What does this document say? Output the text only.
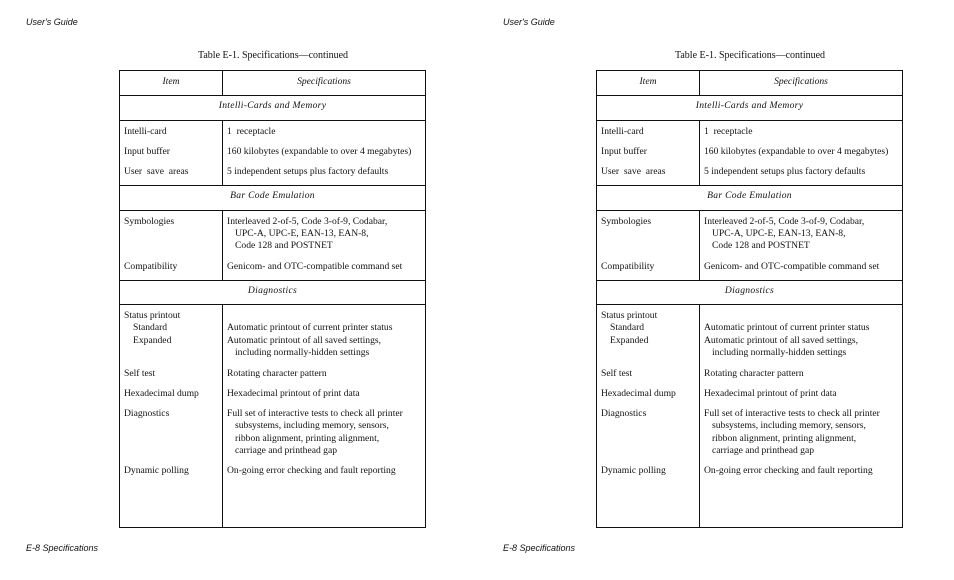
User's Guide
Table E-1. Specifications—continued
Item	Specifications
Intelli-Cards and Memory
Intelli-card	1  receptacle
Input buffer	160 kilobytes (expandable to over 4 megabytes)
User  save  areas	5 independent setups plus factory defaults
Bar Code Emulation
Symbologies	Interleaved 2-of-5, Code 3-of-9, Codabar,
UPC-A, UPC-E, EAN-13, EAN-8,
Code 128 and POSTNET
Compatibility	Genicom- and OTC-compatible command set
Diagnostics
Status printout
Standard	Automatic printout of current printer status
Expanded	Automatic printout of all saved settings,
including normally-hidden settings
Self test	Rotating character pattern
Hexadecimal dump	Hexadecimal printout of print data
Diagnostics	Full set of interactive tests to check all printer
subsystems, including memory, sensors,
ribbon alignment, printing alignment,
carriage and printhead gap
Dynamic polling	On-going error checking and fault reporting
E-8 Specifications
User's Guide
Table E-1. Specifications—continued
Item	Specifications
Intelli-Cards and Memory
Intelli-card	1  receptacle
Input buffer	160 kilobytes (expandable to over 4 megabytes)
User  save  areas	5 independent setups plus factory defaults
Bar Code Emulation
Symbologies	Interleaved 2-of-5, Code 3-of-9, Codabar,
UPC-A, UPC-E, EAN-13, EAN-8,
Code 128 and POSTNET
Compatibility	Genicom- and OTC-compatible command set
Diagnostics
Status printout
Standard	Automatic printout of current printer status
Expanded	Automatic printout of all saved settings,
including normally-hidden settings
Self test	Rotating character pattern
Hexadecimal dump	Hexadecimal printout of print data
Diagnostics	Full set of interactive tests to check all printer
subsystems, including memory, sensors,
ribbon alignment, printing alignment,
carriage and printhead gap
Dynamic polling	On-going error checking and fault reporting
E-8 Specifications
